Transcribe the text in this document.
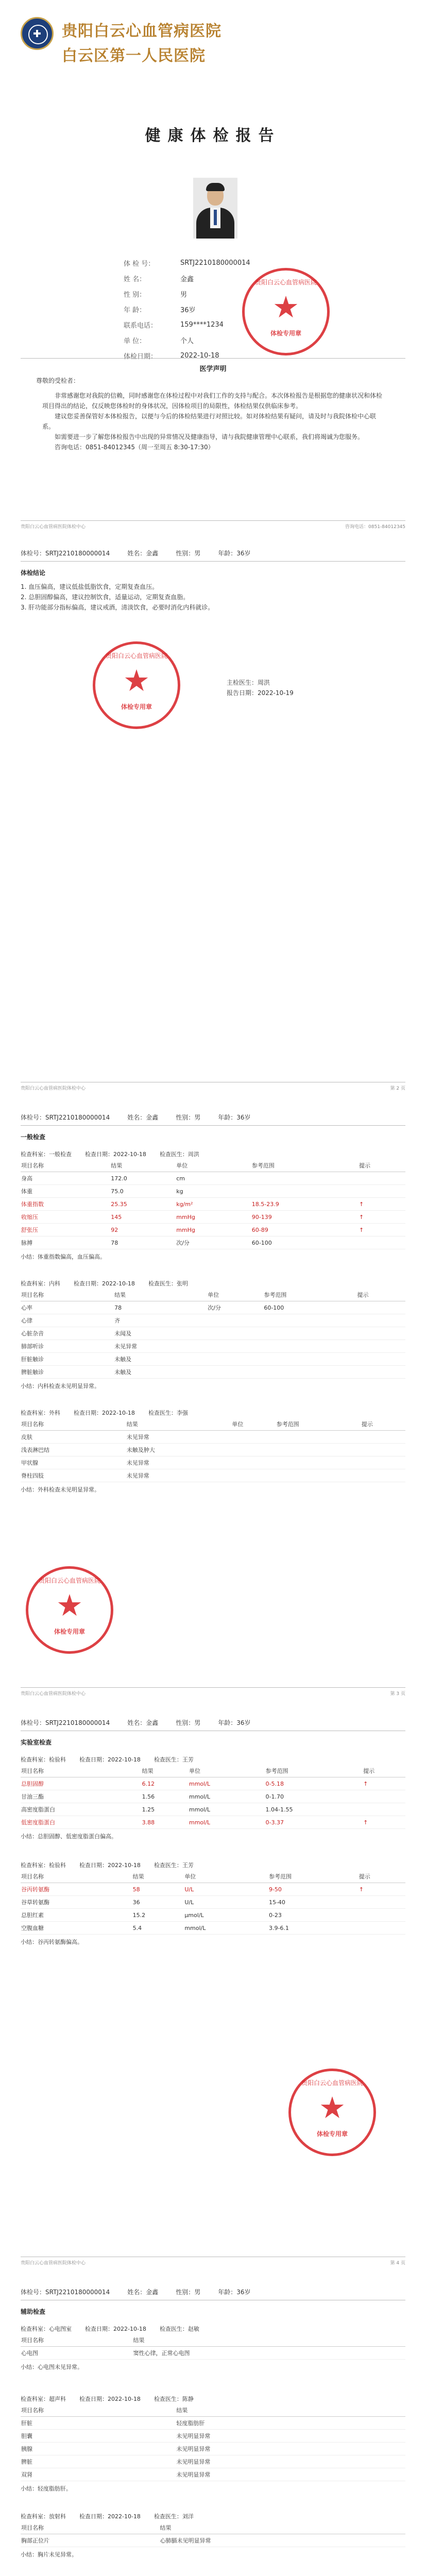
贵阳白云心血管病医院
白云区第一人民医院
健康体检报告
体 检 号：	SRTJ2210180000014
姓 名：	金鑫
性 别：	男
年 龄：	36岁
联系电话：	159****1234
单 位：	个人
体检日期：	2022-10-18
贵阳白云心血管病医院
★
体检专用章
医学声明
尊敬的受检者：

非常感谢您对我院的信赖，同时感谢您在体检过程中对我们工作的支持与配合。本次体检报告是根据您的健康状况和体检项目得出的结论，仅反映您体检时的身体状况，因体检项目的局限性，体检结果仅供临床参考。

建议您妥善保管好本体检报告，以便与今后的体检结果进行对照比较。如对体检结果有疑问，请及时与我院体检中心联系。

如需要进一步了解您体检报告中出现的异常情况及健康指导，请与我院健康管理中心联系，我们将竭诚为您服务。

咨询电话：0851-84012345（周一至周五 8:30-17:30）

贵阳白云心血管病医院体检中心	咨询电话：0851-84012345
体检号：SRTJ2210180000014	姓名：金鑫	性别：男	年龄：36岁
体检结论
1. 血压偏高，建议低盐低脂饮食，定期复查血压。
2. 总胆固醇偏高，建议控制饮食，适量运动，定期复查血脂。
3. 肝功能部分指标偏高，建议戒酒，清淡饮食，必要时消化内科就诊。
贵阳白云心血管病医院
★
体检专用章
主检医生：周洪
报告日期：2022-10-19
贵阳白云心血管病医院体检中心	第 2 页
体检号：SRTJ2210180000014	姓名：金鑫	性别：男	年龄：36岁
一般检查
检查科室：一般检查 检查日期：2022-10-18 检查医生：周洪
项目名称	结果	单位	参考范围	提示
身高	172.0	cm		
体重	75.0	kg		
体重指数	25.35	kg/m²	18.5-23.9	↑
收缩压	145	mmHg	90-139	↑
舒张压	92	mmHg	60-89	↑
脉搏	78	次/分	60-100	
小结：体重指数偏高，血压偏高。
检查科室：内科 检查日期：2022-10-18 检查医生：张明
项目名称	结果	单位	参考范围	提示
心率	78	次/分	60-100	
心律	齐			
心脏杂音	未闻及			
肺部听诊	未见异常			
肝脏触诊	未触及			
脾脏触诊	未触及			
小结：内科检查未见明显异常。
检查科室：外科 检查日期：2022-10-18 检查医生：李强
项目名称	结果	单位	参考范围	提示
皮肤	未见异常			
浅表淋巴结	未触及肿大			
甲状腺	未见异常			
脊柱四肢	未见异常			
小结：外科检查未见明显异常。
贵阳白云心血管病医院
★
体检专用章
贵阳白云心血管病医院体检中心	第 3 页
体检号：SRTJ2210180000014	姓名：金鑫	性别：男	年龄：36岁
实验室检查
检查科室：检验科 检查日期：2022-10-18 检查医生：王芳
项目名称	结果	单位	参考范围	提示
总胆固醇	6.12	mmol/L	0-5.18	↑
甘油三酯	1.56	mmol/L	0-1.70	
高密度脂蛋白	1.25	mmol/L	1.04-1.55	
低密度脂蛋白	3.88	mmol/L	0-3.37	↑
小结：总胆固醇、低密度脂蛋白偏高。
检查科室：检验科 检查日期：2022-10-18 检查医生：王芳
项目名称	结果	单位	参考范围	提示
谷丙转氨酶	58	U/L	9-50	↑
谷草转氨酶	36	U/L	15-40	
总胆红素	15.2	μmol/L	0-23	
空腹血糖	5.4	mmol/L	3.9-6.1	
小结：谷丙转氨酶偏高。
贵阳白云心血管病医院
★
体检专用章
贵阳白云心血管病医院体检中心	第 4 页
体检号：SRTJ2210180000014	姓名：金鑫	性别：男	年龄：36岁
辅助检查
检查科室：心电图室 检查日期：2022-10-18 检查医生：赵敏
项目名称	结果
心电图	窦性心律，正常心电图
小结：心电图未见异常。
检查科室：超声科 检查日期：2022-10-18 检查医生：陈静
项目名称	结果
肝脏	轻度脂肪肝
胆囊	未见明显异常
胰腺	未见明显异常
脾脏	未见明显异常
双肾	未见明显异常
小结：轻度脂肪肝。
检查科室：放射科 检查日期：2022-10-18 检查医生：刘洋
项目名称	结果
胸部正位片	心肺膈未见明显异常
小结：胸片未见异常。
